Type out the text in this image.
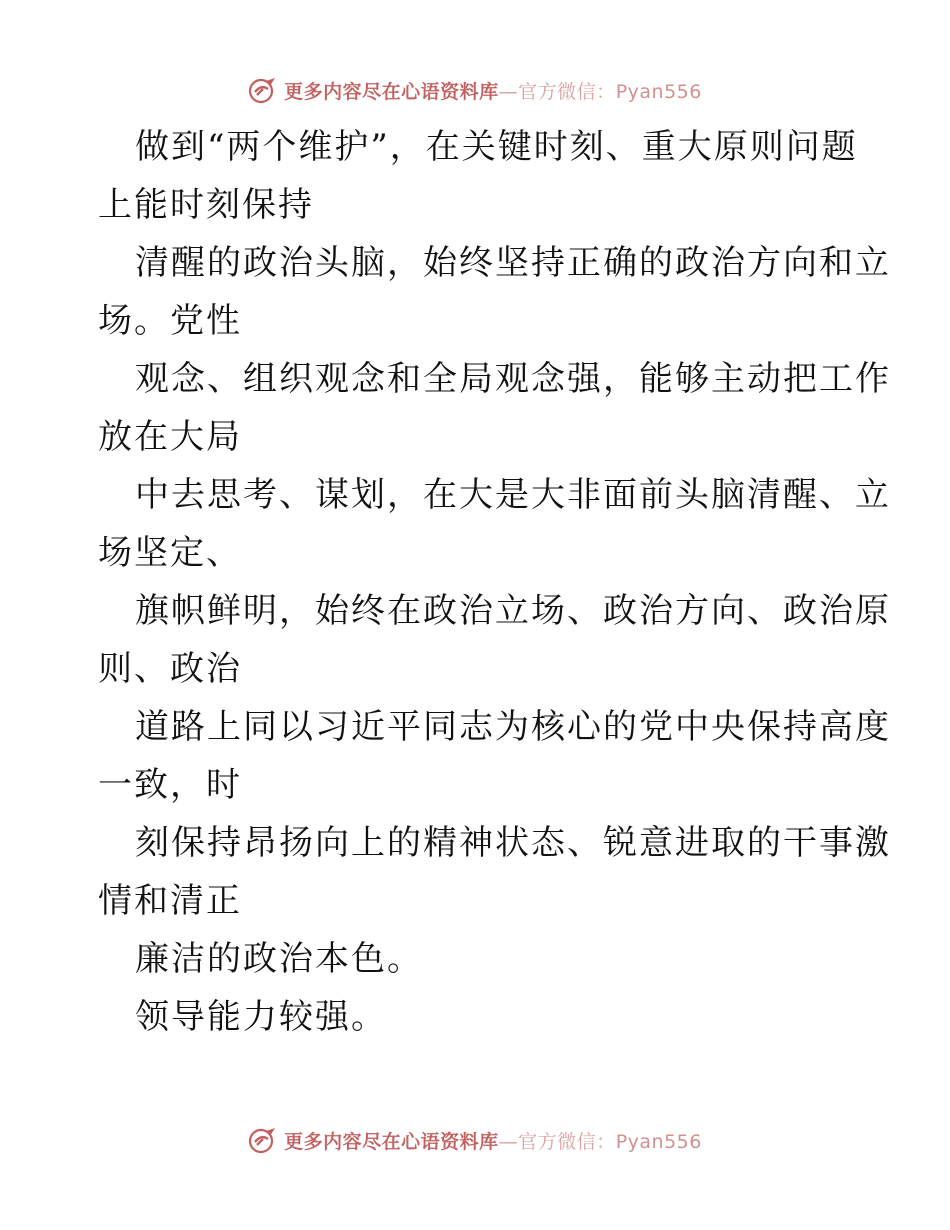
更多内容尽在心语资料库—官方微信：Pyan556
做到“两个维护”，在关键时刻、重大原则问题
上能时刻保持
清醒的政治头脑，始终坚持正确的政治方向和立
场。党性
观念、组织观念和全局观念强，能够主动把工作
放在大局
中去思考、谋划，在大是大非面前头脑清醒、立
场坚定、
旗帜鲜明，始终在政治立场、政治方向、政治原
则、政治
道路上同以习近平同志为核心的党中央保持高度
一致，时
刻保持昂扬向上的精神状态、锐意进取的干事激
情和清正
廉洁的政治本色。
领导能力较强。
更多内容尽在心语资料库—官方微信：Pyan556
